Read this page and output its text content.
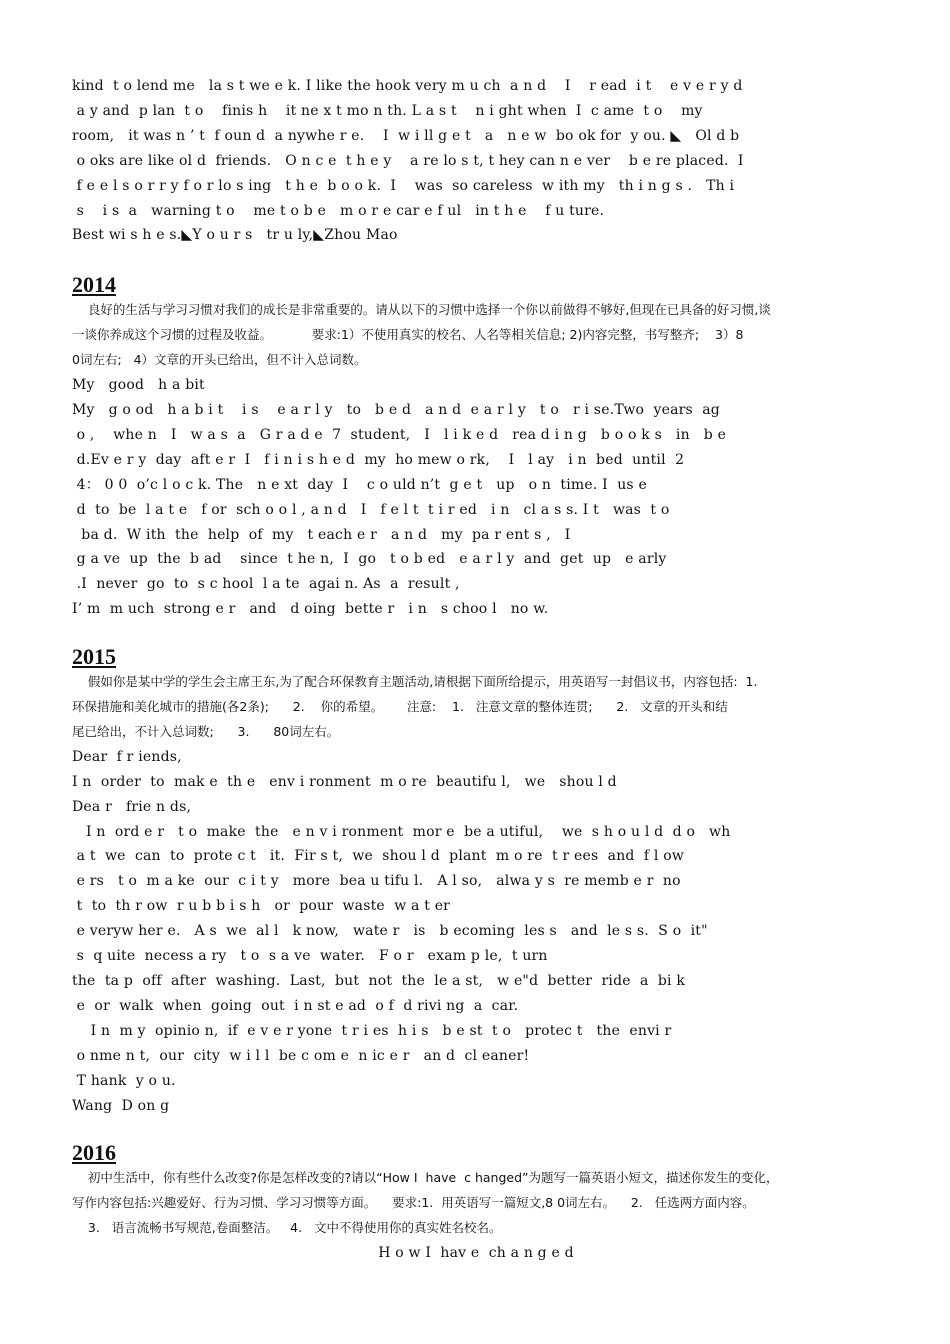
kind  t o lend me   la s t we e k. I like the hook very m u ch  a n d    I    r ead  i t    e v e r y d

a y and  p lan  t o    finis h    it ne x t mo n th. L a s t    n i ght when  I  c ame  t o    my

room,   it was n ’ t  f oun d  a nywhe r e.    I  w i ll g e t   a   n e w  bo ok for  y ou. ◣   Ol d b

o oks are like ol d  friends.   O n c e  t h e y    a re lo s t, t hey can n e ver    b e re placed.  I

f e e l s o r r y f o r lo s ing   t h e  b o o k.  I    was  so careless  w ith my   th i n g s .   Th i

s    i s  a   warning t o    me t o b e   m o r e car e f ul   in t h e    f u ture.

Best wi s h e s.◣Y o u r s   tr u ly,◣Zhou Mao

2014

良好的生活与学习习惯对我们的成长是非常重要的。请从以下的习惯中选择一个你以前做得不够好,但现在已具备的好习惯,谈

一谈你养成这个习惯的过程及收益。          要求:1）不使用真实的校名、人名等相关信息; 2)内容完整，书写整齐;    3）8

0词左右;   4）文章的开头已给出，但不计入总词数。

My   good   h a bit

My   g o od   h a b i t    i s    e a r l y   to   b e d   a n d  e a r l y   t o   r i se.Two  years  ag

o ,    whe n   I   w a s  a   G r a d e  7  student,   I   l i k e d   rea d i n g   b o o k s   in   b e

d.Ev e r y  day  aft e r  I   f i n i s h e d  my  ho mew o rk,    I   l ay   i n  bed  until  2

4： 0 0  o’c l o c k. The   n e xt  day  I    c o uld n’t  g e t   up   o n  time. I  us e

d  to  be  l a t e   f or  sch o o l , a n d   I   f e l t  t i r ed   i n   cl a s s. I t   was  t o

ba d.  W ith  the  help  of  my   t each e r   a n d   my  pa r ent s ,   I

g a ve  up  the  b ad    since  t he n,  I  go   t o b ed   e a r l y  and  get  up   e arly

.I  never  go  to  s c hool  l a te  agai n. As  a  result ,

I’ m  m uch  strong e r   and   d oing  bette r   i n   s choo l   no w.

2015

假如你是某中学的学生会主席王东,为了配合环保教育主题活动,请根据下面所给提示，用英语写一封倡议书，内容包括:  1.

环保措施和美化城市的措施(各2条);      2.    你的希望。      注意:    1.   注意文章的整体连贯;      2.   文章的开头和结

尾已给出，不计入总词数;      3.      80词左右。

Dear  f r iends,

I n  order  to  mak e  th e   env i ronment  m o re  beautifu l,   we   shou l d

Dea r   frie n ds,

I n  ord e r   t o  make  the   e n v i ronment  mor e  be a utiful,    we  s h o u l d  d o   wh

a t  we  can  to  prote c t   it.  Fir s t,  we  shou l d  plant  m o re  t r ees  and  f l ow

e rs   t o  m a ke  our  c i t y   more  bea u tifu l.   A l so,   alwa y s  re memb e r  no

t  to  th r ow  r u b b i s h   or  pour  waste  w a t er

e veryw her e.   A s  we  al l   k now,   wate r   is   b ecoming  les s   and  le s s.  S o  it"

s  q uite  necess a ry   t o  s a ve  water.   F o r   exam p le,  t urn

the  ta p  off  after  washing.  Last,  but  not  the  le a st,   w e"d  better  ride  a  bi k

e  or  walk  when  going  out  i n st e ad  o f  d rivi ng  a  car.

I n  m y  opinio n,  if  e v e r yone  t r i es  h i s   b e st  t o   protec t   the  envi r

o nme n t,  our  city  w i l l  be c om e  n ic e r   an d  cl eaner!

T hank  y o u.

Wang  D on g

2016

初中生活中，你有些什么改变?你是怎样改变的?请以“How I  have  c hanged”为题写一篇英语小短文，描述你发生的变化，

写作内容包括:兴趣爱好、行为习惯、学习习惯等方面。    要求:1.  用英语写一篇短文,8 0词左右。    2.   任选两方面内容。

3.   语言流畅书写规范,卷面整洁。   4.   文中不得使用你的真实姓名校名。

H o w I  hav e  ch a n g e d
